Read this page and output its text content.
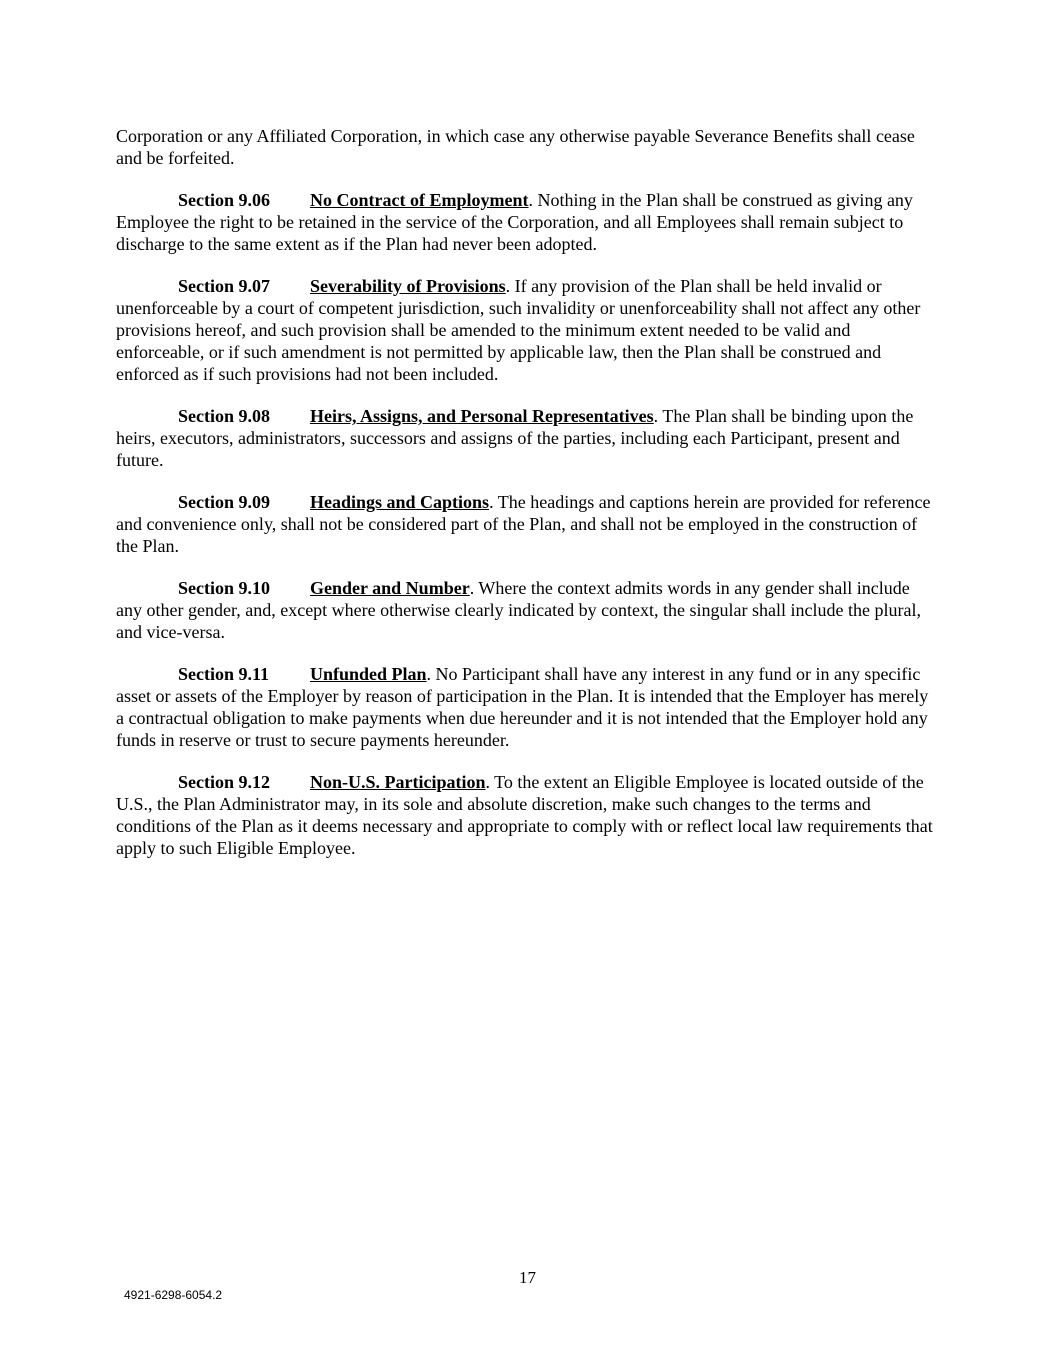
Corporation or any Affiliated Corporation, in which case any otherwise payable Severance Benefits shall cease and be forfeited.

Section 9.06 No Contract of Employment. Nothing in the Plan shall be construed as giving any Employee the right to be retained in the service of the Corporation, and all Employees shall remain subject to discharge to the same extent as if the Plan had never been adopted.

Section 9.07 Severability of Provisions. If any provision of the Plan shall be held invalid or unenforceable by a court of competent jurisdiction, such invalidity or unenforceability shall not affect any other provisions hereof, and such provision shall be amended to the minimum extent needed to be valid and enforceable, or if such amendment is not permitted by applicable law, then the Plan shall be construed and enforced as if such provisions had not been included.

Section 9.08 Heirs, Assigns, and Personal Representatives. The Plan shall be binding upon the heirs, executors, administrators, successors and assigns of the parties, including each Participant, present and future.

Section 9.09 Headings and Captions. The headings and captions herein are provided for reference and convenience only, shall not be considered part of the Plan, and shall not be employed in the construction of the Plan.

Section 9.10 Gender and Number. Where the context admits words in any gender shall include any other gender, and, except where otherwise clearly indicated by context, the singular shall include the plural, and vice-versa.

Section 9.11 Unfunded Plan. No Participant shall have any interest in any fund or in any specific asset or assets of the Employer by reason of participation in the Plan. It is intended that the Employer has merely a contractual obligation to make payments when due hereunder and it is not intended that the Employer hold any funds in reserve or trust to secure payments hereunder.

Section 9.12 Non-U.S. Participation. To the extent an Eligible Employee is located outside of the U.S., the Plan Administrator may, in its sole and absolute discretion, make such changes to the terms and conditions of the Plan as it deems necessary and appropriate to comply with or reflect local law requirements that apply to such Eligible Employee.

17
4921-6298-6054.2
